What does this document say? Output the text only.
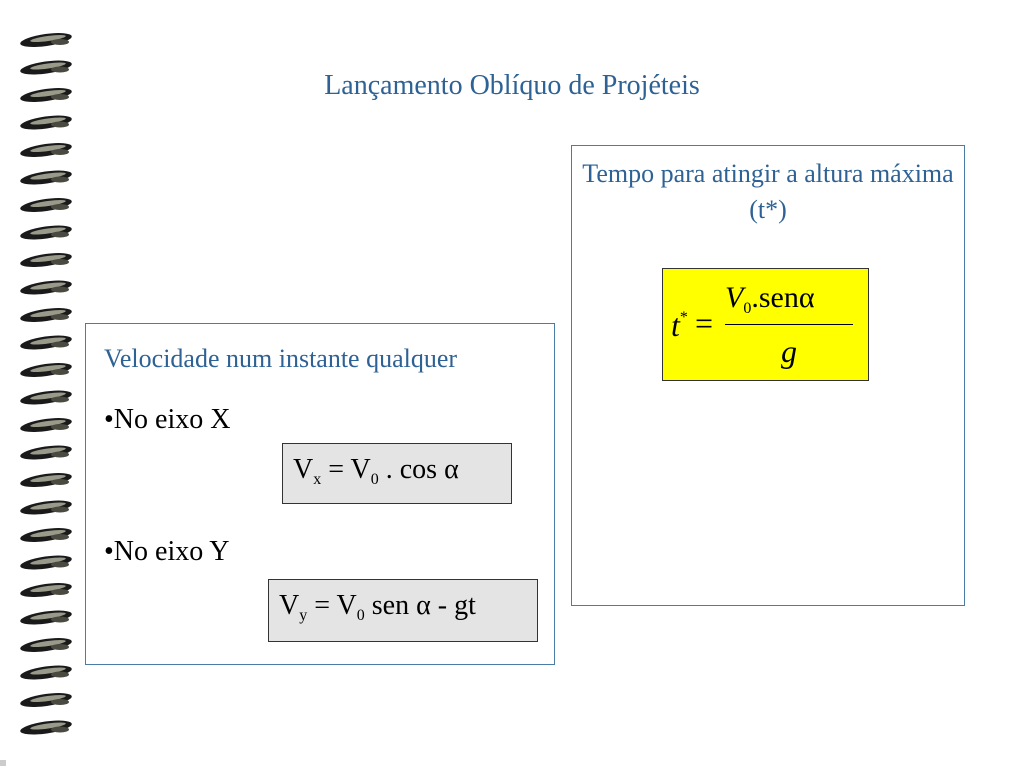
Lançamento Oblíquo de Projéteis
Velocidade num instante qualquer
•No eixo X
$V_x = V_0$ . cos α
•No eixo Y
$V_y = V_0$ sen α - gt
Tempo para atingir a altura máxima (t*)
t* =
$V_0.sen\alpha$
g
